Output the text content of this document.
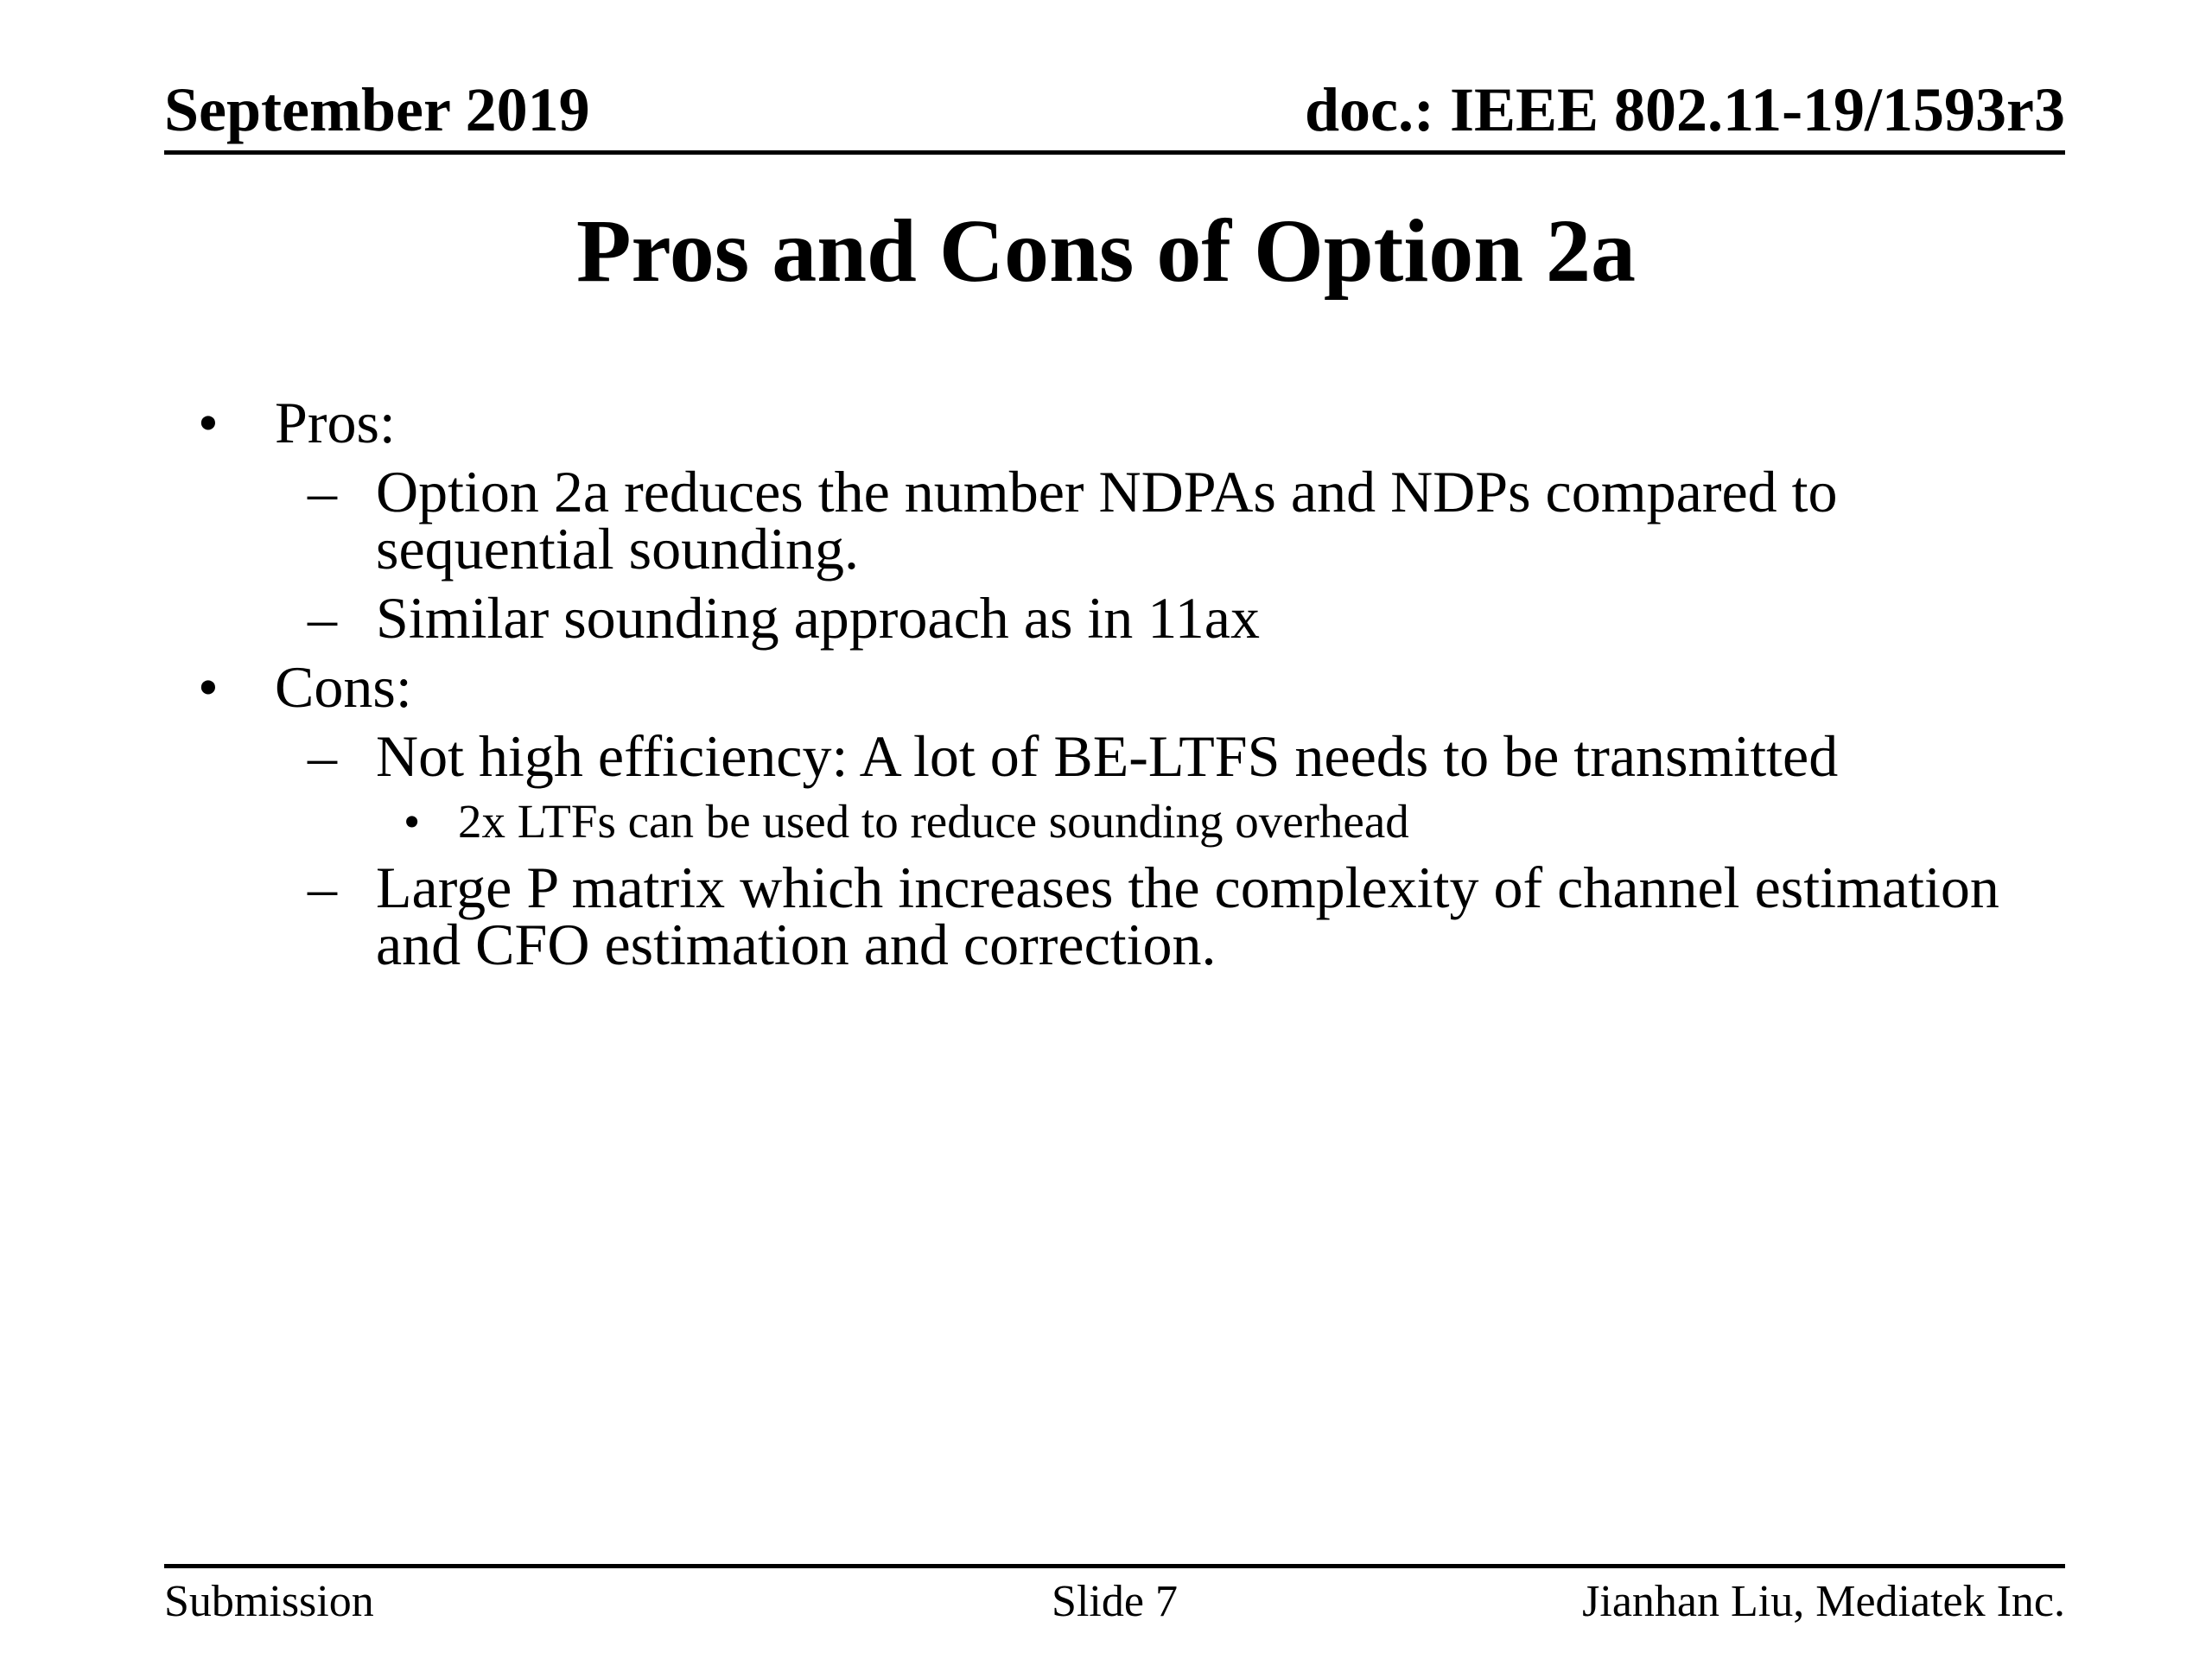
September 2019	doc.: IEEE 802.11-19/1593r3
Pros and Cons of Option 2a
• Pros:
– Option 2a reduces the number NDPAs and NDPs compared to sequential sounding.
– Similar sounding approach as in 11ax
• Cons:
– Not high efficiency: A lot of BE-LTFS needs to be transmitted
• 2x LTFs can be used to reduce sounding overhead
– Large P matrix which increases the complexity of channel estimation and CFO estimation and correction.
Submission	Slide 7	Jianhan Liu, Mediatek Inc.
